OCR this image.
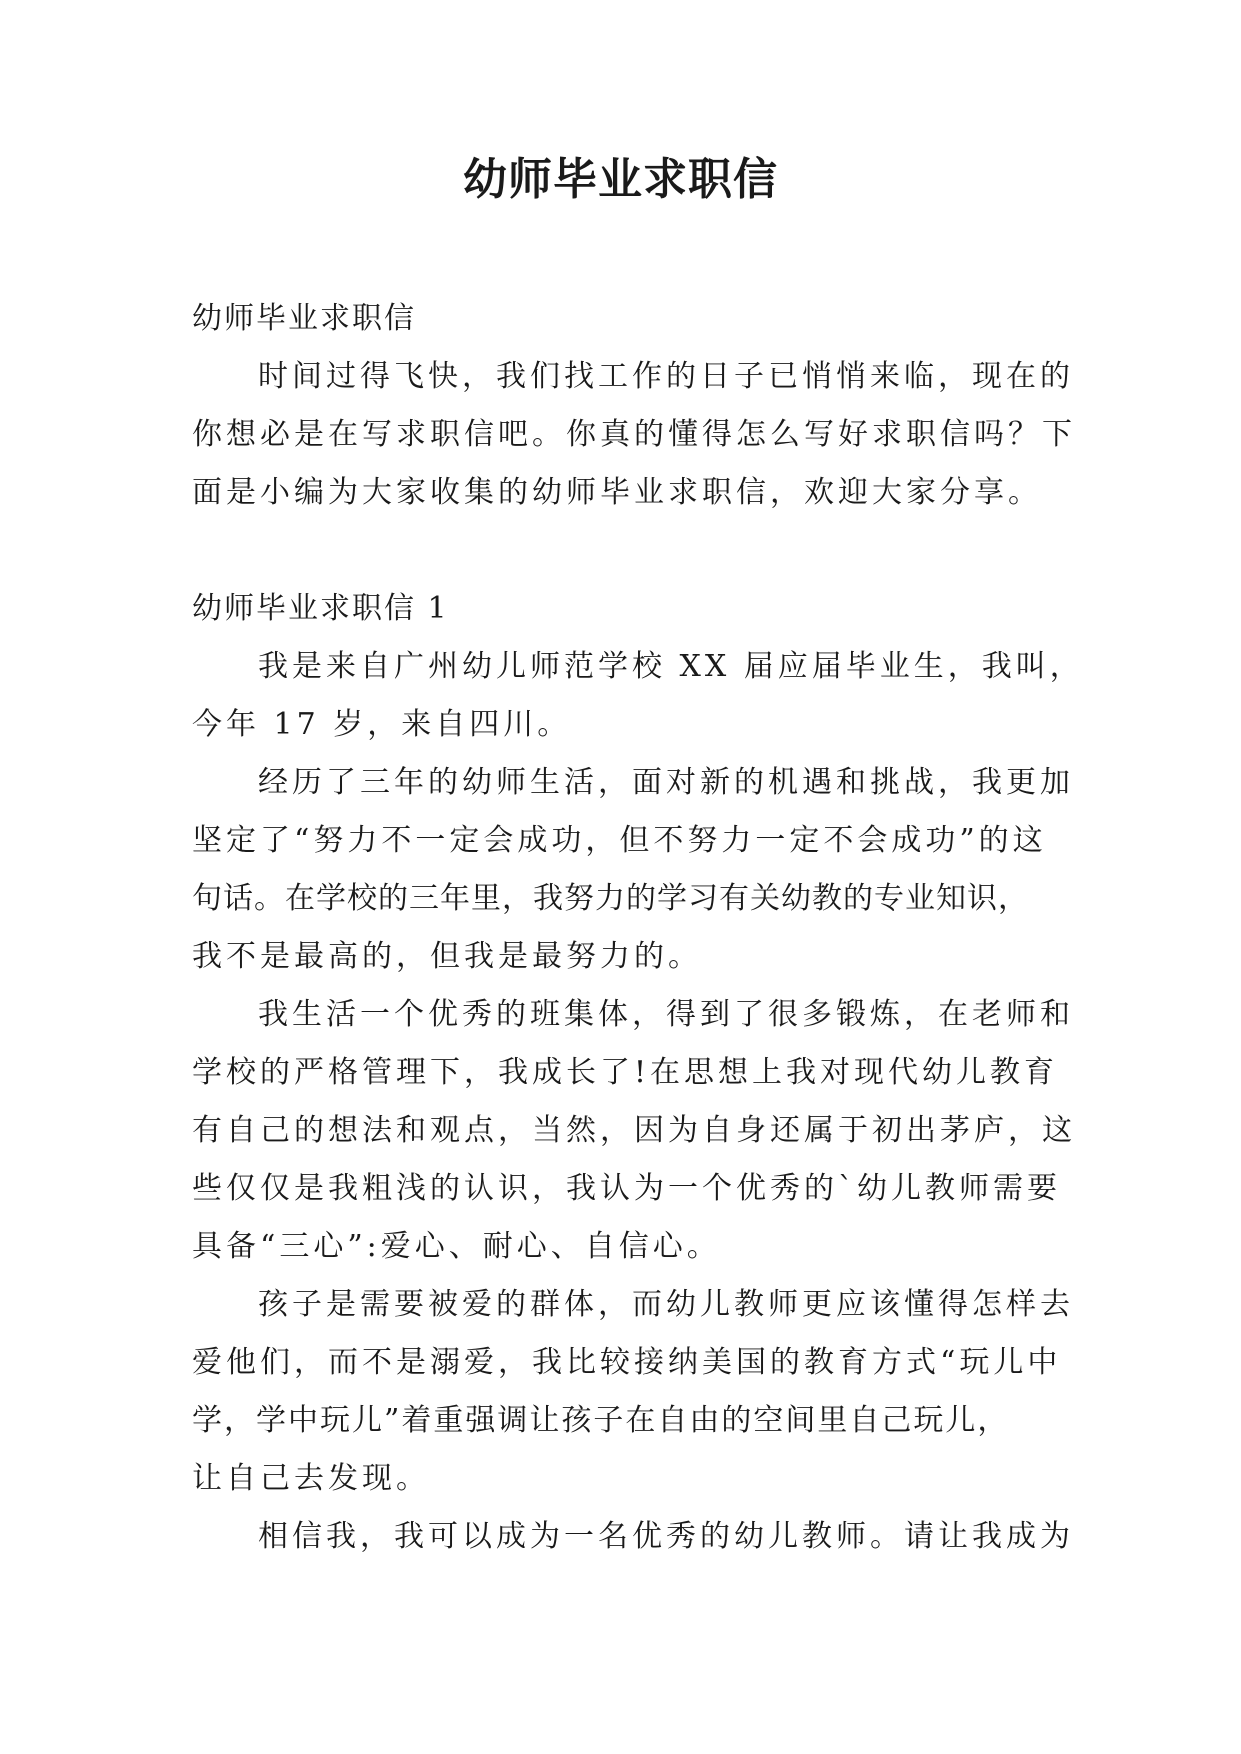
幼师毕业求职信
幼师毕业求职信
时间过得飞快，我们找工作的日子已悄悄来临，现在的
你想必是在写求职信吧。你真的懂得怎么写好求职信吗？下
面是小编为大家收集的幼师毕业求职信，欢迎大家分享。
幼师毕业求职信 1
我是来自广州幼儿师范学校 XX 届应届毕业生，我叫，
今年 17 岁，来自四川。
经历了三年的幼师生活，面对新的机遇和挑战，我更加
坚定了“努力不一定会成功，但不努力一定不会成功”的这
句话。在学校的三年里，我努力的学习有关幼教的专业知识，
我不是最高的，但我是最努力的。
我生活一个优秀的班集体，得到了很多锻炼，在老师和
学校的严格管理下，我成长了!在思想上我对现代幼儿教育
有自己的想法和观点，当然，因为自身还属于初出茅庐，这
些仅仅是我粗浅的认识，我认为一个优秀的`幼儿教师需要
具备“三心”:爱心、耐心、自信心。
孩子是需要被爱的群体，而幼儿教师更应该懂得怎样去
爱他们，而不是溺爱，我比较接纳美国的教育方式“玩儿中
学，学中玩儿”着重强调让孩子在自由的空间里自己玩儿，
让自己去发现。
相信我，我可以成为一名优秀的幼儿教师。请让我成为
